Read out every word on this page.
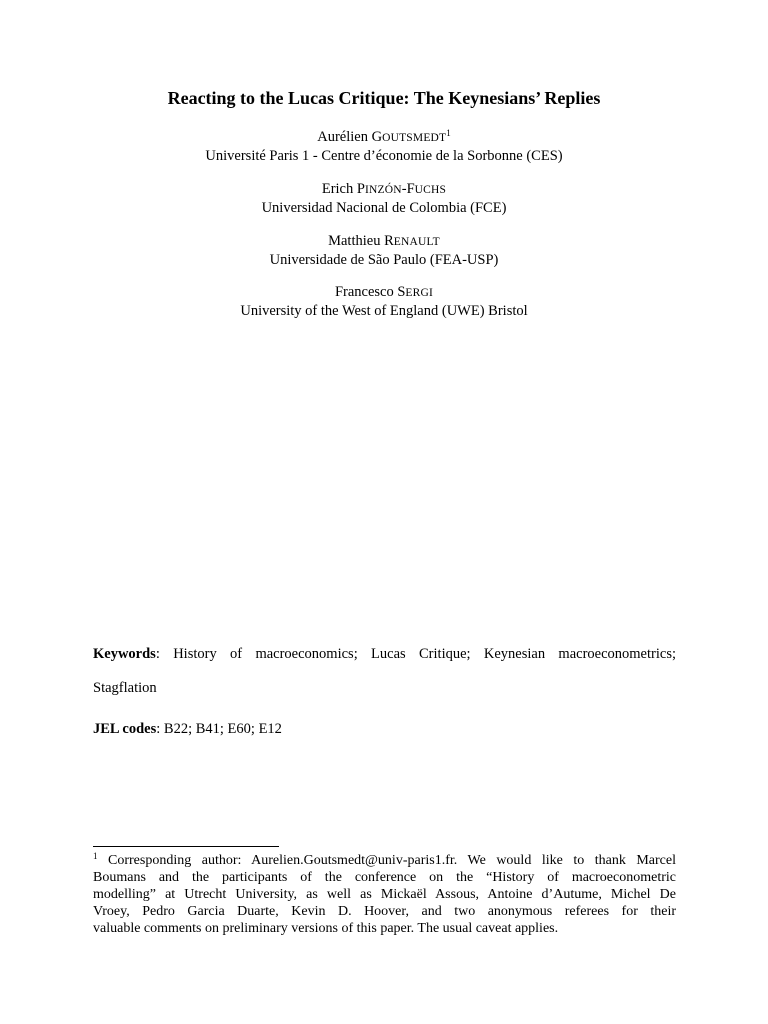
Reacting to the Lucas Critique: The Keynesians’ Replies
Aurélien GOUTSMEDT$^1$
Université Paris 1 - Centre d’économie de la Sorbonne (CES)
Erich PINZÓN-FUCHS
Universidad Nacional de Colombia (FCE)
Matthieu RENAULT
Universidade de São Paulo (FEA-USP)
Francesco SERGI
University of the West of England (UWE) Bristol
Keywords: History of macroeconomics; Lucas Critique; Keynesian macroeconometrics;
Stagflation
JEL codes: B22; B41; E60; E12
$^1$ Corresponding author: Aurelien.Goutsmedt@univ-paris1.fr. We would like to thank Marcel
Boumans and the participants of the conference on the “History of macroeconometric
modelling” at Utrecht University, as well as Mickaël Assous, Antoine d’Autume, Michel De
Vroey, Pedro Garcia Duarte, Kevin D. Hoover, and two anonymous referees for their
valuable comments on preliminary versions of this paper. The usual caveat applies.
